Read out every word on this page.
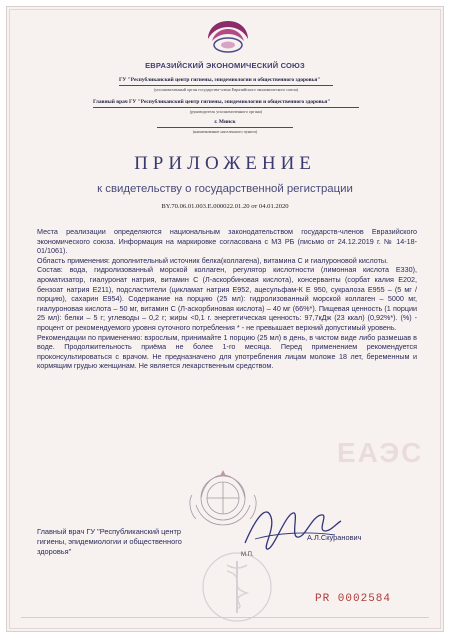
ЕВРАЗИЙСКИЙ ЭКОНОМИЧЕСКИЙ СОЮЗ
ГУ "Республиканский центр гигиены, эпидемиологии и общественного здоровья"
(уполномоченный орган государства-члена Евразийского экономического союза)
Главный врач ГУ "Республиканский центр гигиены, эпидемиологии и общественного здоровья"
(руководитель уполномоченного органа)
г. Минск
(наименование населенного пункта)
ПРИЛОЖЕНИЕ
к свидетельству о государственной регистрации
BY.70.06.01.003.Е.000022.01.20 от 04.01.2020
ЕАЭС

Места реализации определяются национальным законодательством государств-членов Евразийского экономического союза. Информация на маркировке согласована с МЗ РБ (письмо от 24.12.2019 г. № 14-18-01/1061).

Область применения: дополнительный источник белка(коллагена), витамина С и гиалуроновой кислоты.

Состав: вода, гидролизованный морской коллаген, регулятор кислотности (лимонная кислота Е330), ароматизатор, гиалуронат натрия, витамин С (Л-аскорбиновая кислота), консерванты (сорбат калия Е202, бензоат натрия Е211), подсластители (цикламат натрия Е952, ацесульфам-К Е 950, сукралоза Е955 – (5 мг / порцию), сахарин Е954). Содержание на порцию (25 мл): гидролизованный морской коллаген – 5000 мг, гиалуроновая кислота – 50 мг, витамин С (Л-аскорбиновая кислота) – 40 мг (66%*). Пищевая ценность (1 порции 25 мл): белки – 5 г; углеводы – 0,2 г; жиры <0,1 г. энергетическая ценность: 97,7кДж (23 ккал) (0,92%*). (%) - процент от рекомендуемого уровня суточного потребления * - не превышает верхний допустимый уровень.

Рекомендации по применению: взрослым, принимайте 1 порцию (25 мл) в день, в чистом виде либо размешав в воде. Продолжительность приёма не более 1-го месяца. Перед применением рекомендуется проконсультироваться с врачом. Не предназначено для употребления лицам моложе 18 лет, беременным и кормящим грудью женщинам. Не является лекарственным средством.

Главный врач ГУ "Республиканский центр гигиены, эпидемиологии и общественного здоровья"
А.Л.Скуранович
М.П.
PR 0002584
